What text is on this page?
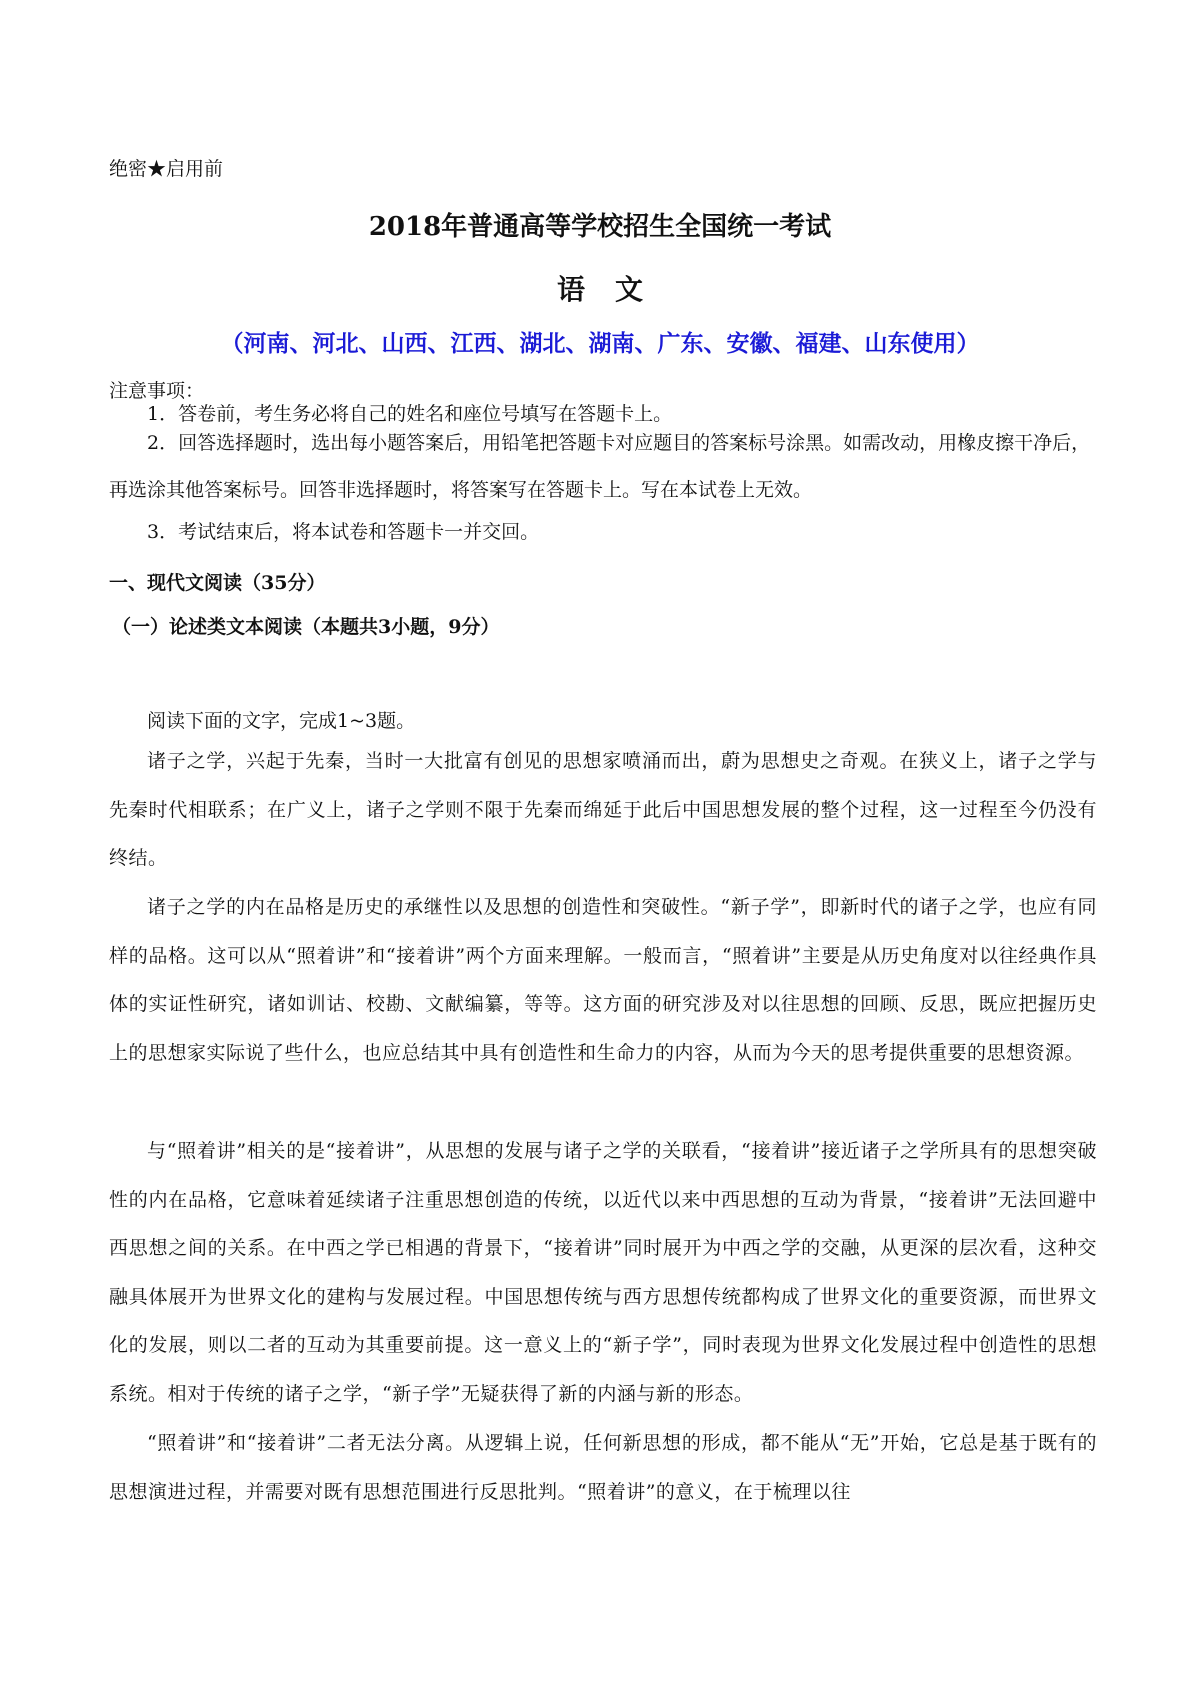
绝密★启用前
2018年普通高等学校招生全国统一考试
语文
（河南、河北、山西、江西、湖北、湖南、广东、安徽、福建、山东使用）
注意事项：
1．答卷前，考生务必将自己的姓名和座位号填写在答题卡上。
2．回答选择题时，选出每小题答案后，用铅笔把答题卡对应题目的答案标号涂黑。如需改动，用橡皮擦干净后，再选涂其他答案标号。回答非选择题时，将答案写在答题卡上。写在本试卷上无效。
3．考试结束后，将本试卷和答题卡一并交回。
一、现代文阅读（35分）
（一）论述类文本阅读（本题共3小题，9分）
阅读下面的文字，完成1~3题。
诸子之学，兴起于先秦，当时一大批富有创见的思想家喷涌而出，蔚为思想史之奇观。在狭义上，诸子之学与先秦时代相联系；在广义上，诸子之学则不限于先秦而绵延于此后中国思想发展的整个过程，这一过程至今仍没有终结。
诸子之学的内在品格是历史的承继性以及思想的创造性和突破性。“新子学”，即新时代的诸子之学，也应有同样的品格。这可以从“照着讲”和“接着讲”两个方面来理解。一般而言，“照着讲”主要是从历史角度对以往经典作具体的实证性研究，诸如训诂、校勘、文献编纂，等等。这方面的研究涉及对以往思想的回顾、反思，既应把握历史上的思想家实际说了些什么，也应总结其中具有创造性和生命力的内容，从而为今天的思考提供重要的思想资源。
与“照着讲”相关的是“接着讲”，从思想的发展与诸子之学的关联看，“接着讲”接近诸子之学所具有的思想突破性的内在品格，它意味着延续诸子注重思想创造的传统，以近代以来中西思想的互动为背景，“接着讲”无法回避中西思想之间的关系。在中西之学已相遇的背景下，“接着讲”同时展开为中西之学的交融，从更深的层次看，这种交融具体展开为世界文化的建构与发展过程。中国思想传统与西方思想传统都构成了世界文化的重要资源，而世界文化的发展，则以二者的互动为其重要前提。这一意义上的“新子学”，同时表现为世界文化发展过程中创造性的思想系统。相对于传统的诸子之学，“新子学”无疑获得了新的内涵与新的形态。
“照着讲”和“接着讲”二者无法分离。从逻辑上说，任何新思想的形成，都不能从“无”开始，它总是基于既有的思想演进过程，并需要对既有思想范围进行反思批判。“照着讲”的意义，在于梳理以往
